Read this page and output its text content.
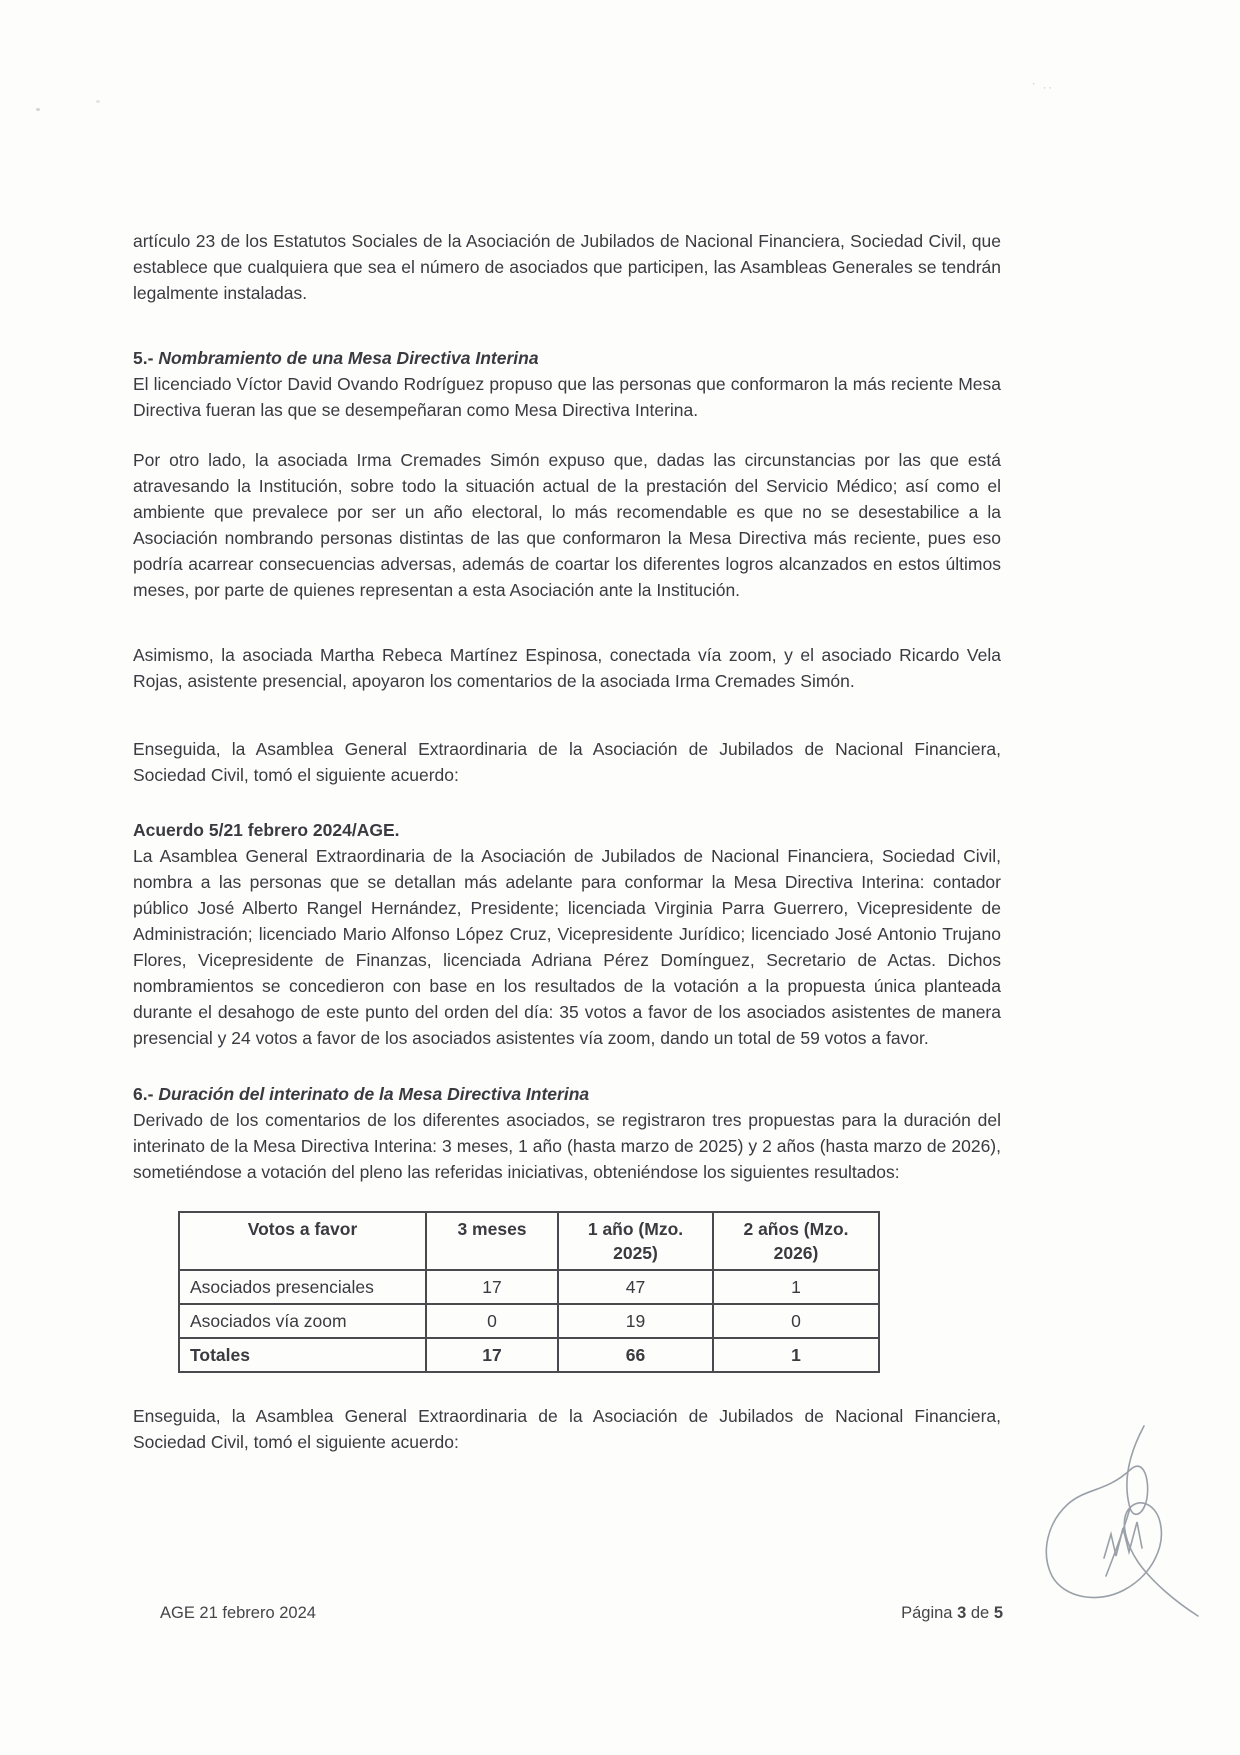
ˋ ··

artículo 23 de los Estatutos Sociales de la Asociación de Jubilados de Nacional Financiera, Sociedad Civil, que establece que cualquiera que sea el número de asociados que participen, las Asambleas Generales se tendrán legalmente instaladas.

5.- Nombramiento de una Mesa Directiva Interina

El licenciado Víctor David Ovando Rodríguez propuso que las personas que conformaron la más reciente Mesa Directiva fueran las que se desempeñaran como Mesa Directiva Interina.

Por otro lado, la asociada Irma Cremades Simón expuso que, dadas las circunstancias por las que está atravesando la Institución, sobre todo la situación actual de la prestación del Servicio Médico; así como el ambiente que prevalece por ser un año electoral, lo más recomendable es que no se desestabilice a la Asociación nombrando personas distintas de las que conformaron la Mesa Directiva más reciente, pues eso podría acarrear consecuencias adversas, además de coartar los diferentes logros alcanzados en estos últimos meses, por parte de quienes representan a esta Asociación ante la Institución.

Asimismo, la asociada Martha Rebeca Martínez Espinosa, conectada vía zoom, y el asociado Ricardo Vela Rojas, asistente presencial, apoyaron los comentarios de la asociada Irma Cremades Simón.

Enseguida, la Asamblea General Extraordinaria de la Asociación de Jubilados de Nacional Financiera, Sociedad Civil, tomó el siguiente acuerdo:

Acuerdo 5/21 febrero 2024/AGE.

La Asamblea General Extraordinaria de la Asociación de Jubilados de Nacional Financiera, Sociedad Civil, nombra a las personas que se detallan más adelante para conformar la Mesa Directiva Interina: contador público José Alberto Rangel Hernández, Presidente; licenciada Virginia Parra Guerrero, Vicepresidente de Administración; licenciado Mario Alfonso López Cruz, Vicepresidente Jurídico; licenciado José Antonio Trujano Flores, Vicepresidente de Finanzas, licenciada Adriana Pérez Domínguez, Secretario de Actas. Dichos nombramientos se concedieron con base en los resultados de la votación a la propuesta única planteada durante el desahogo de este punto del orden del día: 35 votos a favor de los asociados asistentes de manera presencial y 24 votos a favor de los asociados asistentes vía zoom, dando un total de 59 votos a favor.

6.- Duración del interinato de la Mesa Directiva Interina

Derivado de los comentarios de los diferentes asociados, se registraron tres propuestas para la duración del interinato de la Mesa Directiva Interina: 3 meses, 1 año (hasta marzo de 2025) y 2 años (hasta marzo de 2026), sometiéndose a votación del pleno las referidas iniciativas, obteniéndose los siguientes resultados:

Votos a favor	3 meses	1 año (Mzo. 2025)	2 años (Mzo. 2026)
Asociados presenciales	17	47	1
Asociados vía zoom	0	19	0
Totales	17	66	1

Enseguida, la Asamblea General Extraordinaria de la Asociación de Jubilados de Nacional Financiera, Sociedad Civil, tomó el siguiente acuerdo:

AGE 21 febrero 2024	Página 3 de 5
